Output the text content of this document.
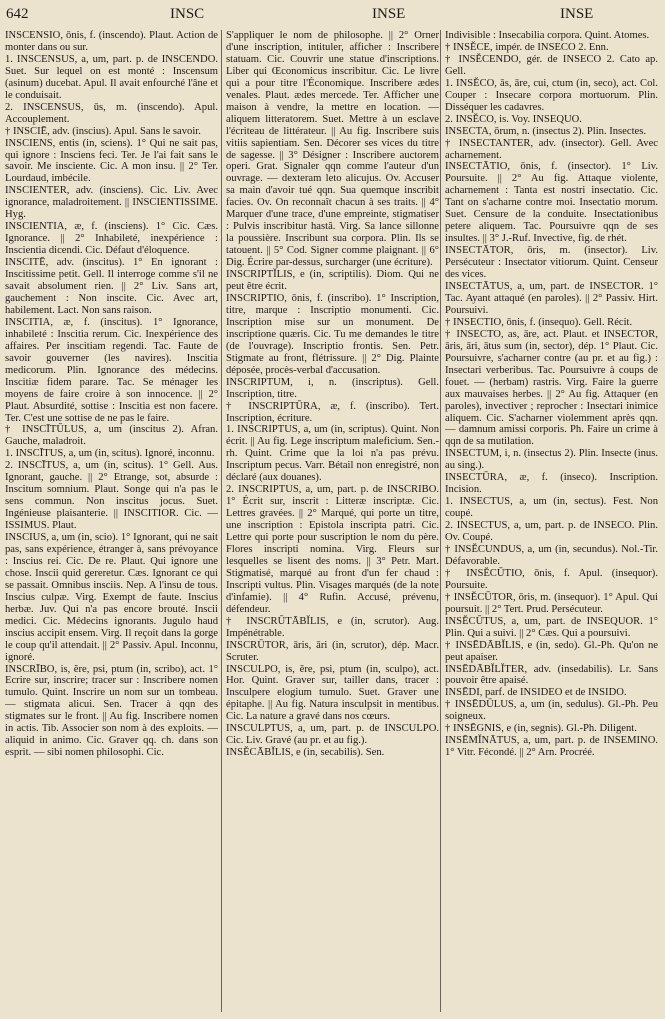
642	INSC	INSE	INSE

INSCENSIO, ōnis, f. (inscendo). Plaut. Action de monter dans ou sur.

1. INSCENSUS, a, um, part. p. de INSCENDO. Suet. Sur lequel on est monté : Inscensum (asinum) ducebat. Apul. Il avait enfourché l'âne et le conduisait.

2. INSCENSUS, ūs, m. (inscendo). Apul. Accouplement.

† INSCIĒ, adv. (inscius). Apul. Sans le savoir.

INSCIENS, entis (in, sciens). 1° Qui ne sait pas, qui ignore : Insciens feci. Ter. Je l'ai fait sans le savoir. Me insciente. Cic. A mon insu. || 2° Ter. Lourdaud, imbécile.

INSCIENTER, adv. (insciens). Cic. Liv. Avec ignorance, maladroitement. || INSCIENTISSIME. Hyg.

INSCIENTIA, æ, f. (insciens). 1° Cic. Cæs. Ignorance. || 2° Inhabileté, inexpérience : Inscientia dicendi. Cic. Défaut d'éloquence.

INSCITĒ, adv. (inscitus). 1° En ignorant : Inscitissime petit. Gell. Il interroge comme s'il ne savait absolument rien. || 2° Liv. Sans art, gauchement : Non inscite. Cic. Avec art, habilement. Lact. Non sans raison.

INSCITIA, æ, f. (inscitus). 1° Ignorance, inhabileté : Inscitia rerum. Cic. Inexpérience des affaires. Per inscitiam regendi. Tac. Faute de savoir gouverner (les navires). Inscitia medicorum. Plin. Ignorance des médecins. Inscitiæ fidem parare. Tac. Se ménager les moyens de faire croire à son innocence. || 2° Plaut. Absurdité, sottise : Inscitia est non facere. Ter. C'est une sottise de ne pas le faire.

† INSCĪTŬLUS, a, um (inscitus 2). Afran. Gauche, maladroit.

1. INSCĪTUS, a, um (in, scitus). Ignoré, inconnu.

2. INSCĪTUS, a, um (in, scitus). 1° Gell. Aus. Ignorant, gauche. || 2° Etrange, sot, absurde : Inscitum somnium. Plaut. Songe qui n'a pas le sens commun. Non inscitus jocus. Suet. Ingénieuse plaisanterie. || INSCITIOR. Cic. — ISSIMUS. Plaut.

INSCIUS, a, um (in, scio). 1° Ignorant, qui ne sait pas, sans expérience, étranger à, sans prévoyance : Inscius rei. Cic. De re. Plaut. Qui ignore une chose. Inscii quid gereretur. Cæs. Ignorant ce qui se passait. Omnibus insciis. Nep. A l'insu de tous. Inscius culpæ. Virg. Exempt de faute. Inscius herbæ. Juv. Qui n'a pas encore brouté. Inscii medici. Cic. Médecins ignorants. Jugulo haud inscius accipit ensem. Virg. Il reçoit dans la gorge le coup qu'il attendait. || 2° Passiv. Apul. Inconnu, ignoré.

INSCRĪBO, is, ĕre, psi, ptum (in, scribo), act. 1° Ecrire sur, inscrire; tracer sur : Inscribere nomen tumulo. Quint. Inscrire un nom sur un tombeau. — stigmata alicui. Sen. Tracer à qqn des stigmates sur le front. || Au fig. Inscribere nomen in actis. Tib. Associer son nom à des exploits. — aliquid in animo. Cic. Graver qq. ch. dans son esprit. — sibi nomen philosophi. Cic.

S'appliquer le nom de philosophe. || 2° Orner d'une inscription, intituler, afficher : Inscribere statuam. Cic. Couvrir une statue d'inscriptions. Liber qui Œconomicus inscribitur. Cic. Le livre qui a pour titre l'Économique. Inscribere ædes venales. Plaut. ædes mercede. Ter. Afficher une maison à vendre, la mettre en location. — aliquem litteratorem. Suet. Mettre à un esclave l'écriteau de littérateur. || Au fig. Inscribere suis vitiis sapientiam. Sen. Décorer ses vices du titre de sagesse. || 3° Désigner : Inscribere auctorem operi. Grat. Signaler qqn comme l'auteur d'un ouvrage. — dexteram leto alicujus. Ov. Accuser sa main d'avoir tué qqn. Sua quemque inscribit facies. Ov. On reconnaît chacun à ses traits. || 4° Marquer d'une trace, d'une empreinte, stigmatiser : Pulvis inscribitur hastâ. Virg. Sa lance sillonne la poussière. Inscribunt sua corpora. Plin. Ils se tatouent. || 5° Cod. Signer comme plaignant. || 6° Dig. Écrire par-dessus, surcharger (une écriture).

INSCRIPTĬLIS, e (in, scriptilis). Diom. Qui ne peut être écrit.

INSCRIPTIO, ōnis, f. (inscribo). 1° Inscription, titre, marque : Inscriptio monumenti. Cic. Inscription mise sur un monument. De inscriptione quæris. Cic. Tu me demandes le titre (de l'ouvrage). Inscriptio frontis. Sen. Petr. Stigmate au front, flétrissure. || 2° Dig. Plainte déposée, procès-verbal d'accusation.

INSCRIPTUM, i, n. (inscriptus). Gell. Inscription, titre.

† INSCRIPTŪRA, æ, f. (inscribo). Tert. Inscription, écriture.

1. INSCRIPTUS, a, um (in, scriptus). Quint. Non écrit. || Au fig. Lege inscriptum maleficium. Sen.-rh. Quint. Crime que la loi n'a pas prévu. Inscriptum pecus. Varr. Bétail non enregistré, non déclaré (aux douanes).

2. INSCRIPTUS, a, um, part. p. de INSCRIBO. 1° Écrit sur, inscrit : Litteræ inscriptæ. Cic. Lettres gravées. || 2° Marqué, qui porte un titre, une inscription : Epistola inscripta patri. Cic. Lettre qui porte pour suscription le nom du père. Flores inscripti nomina. Virg. Fleurs sur lesquelles se lisent des noms. || 3° Petr. Mart. Stigmatisé, marqué au front d'un fer chaud : Inscripti vultus. Plin. Visages marqués (de la note d'infamie). || 4° Rufin. Accusé, prévenu, défendeur.

† INSCRŪTĀBĬLIS, e (in, scrutor). Aug. Impénétrable.

INSCRŪTOR, āris, āri (in, scrutor), dép. Macr. Scruter.

INSCULPO, is, ĕre, psi, ptum (in, sculpo), act. Hor. Quint. Graver sur, tailler dans, tracer : Insculpere elogium tumulo. Suet. Graver une épitaphe. || Au fig. Natura insculpsit in mentibus. Cic. La nature a gravé dans nos cœurs.

INSCULPTUS, a, um, part. p. de INSCULPO. Cic. Liv. Gravé (au pr. et au fig.).

INSĔCĀBĬLIS, e (in, secabilis). Sen.

Indivisible : Insecabilia corpora. Quint. Atomes.

† INSĔCE, impér. de INSECO 2. Enn.

† INSĔCENDO, gér. de INSECO 2. Cato ap. Gell.

1. INSĔCO, ās, āre, cui, ctum (in, seco), act. Col. Couper : Insecare corpora mortuorum. Plin. Disséquer les cadavres.

2. INSĔCO, is. Voy. INSEQUO.

INSECTA, ōrum, n. (insectus 2). Plin. Insectes.

† INSECTANTER, adv. (insector). Gell. Avec acharnement.

INSECTĀTIO, ōnis, f. (insector). 1° Liv. Poursuite. || 2° Au fig. Attaque violente, acharnement : Tanta est nostri insectatio. Cic. Tant on s'acharne contre moi. Insectatio morum. Suet. Censure de la conduite. Insectationibus petere aliquem. Tac. Poursuivre qqn de ses insultes. || 3° J.-Ruf. Invective, fig. de rhét.

INSECTĀTOR, ōris, m. (insector). Liv. Persécuteur : Insectator vitiorum. Quint. Censeur des vices.

INSECTĀTUS, a, um, part. de INSECTOR. 1° Tac. Ayant attaqué (en paroles). || 2° Passiv. Hirt. Poursuivi.

† INSECTIO, ōnis, f. (insequo). Gell. Récit.

† INSECTO, as, āre, act. Plaut. et INSECTOR, āris, āri, ātus sum (in, sector), dép. 1° Plaut. Cic. Poursuivre, s'acharner contre (au pr. et au fig.) : Insectari verberibus. Tac. Poursuivre à coups de fouet. — (herbam) rastris. Virg. Faire la guerre aux mauvaises herbes. || 2° Au fig. Attaquer (en paroles), invectiver ; reprocher : Insectari inimice aliquem. Cic. S'acharner violemment après qqn. — damnum amissi corporis. Ph. Faire un crime à qqn de sa mutilation.

INSECTUM, i, n. (insectus 2). Plin. Insecte (inus. au sing.).

INSECTŪRA, æ, f. (inseco). Inscription. Incision.

1. INSECTUS, a, um (in, sectus). Fest. Non coupé.

2. INSECTUS, a, um, part. p. de INSECO. Plin. Ov. Coupé.

† INSĔCUNDUS, a, um (in, secundus). Nol.-Tir. Défavorable.

† INSĔCŪTIO, ōnis, f. Apul. (insequor). Poursuite.

† INSĔCŪTOR, ōris, m. (insequor). 1° Apul. Qui poursuit. || 2° Tert. Prud. Persécuteur.

INSĔCŪTUS, a, um, part. de INSEQUOR. 1° Plin. Qui a suivi. || 2° Cæs. Qui a poursuivi.

† INSĒDĀBĬLIS, e (in, sedo). Gl.-Ph. Qu'on ne peut apaiser.

INSĒDĀBĬLĬTER, adv. (insedabilis). Lr. Sans pouvoir être apaisé.

INSĒDI, parf. de INSIDEO et de INSIDO.

† INSĒDŪLUS, a, um (in, sedulus). Gl.-Ph. Peu soigneux.

† INSĒGNIS, e (in, segnis). Gl.-Ph. Diligent.

INSĒMĬNĀTUS, a, um, part. p. de INSEMINO. 1° Vitr. Fécondé. || 2° Arn. Procréé.
